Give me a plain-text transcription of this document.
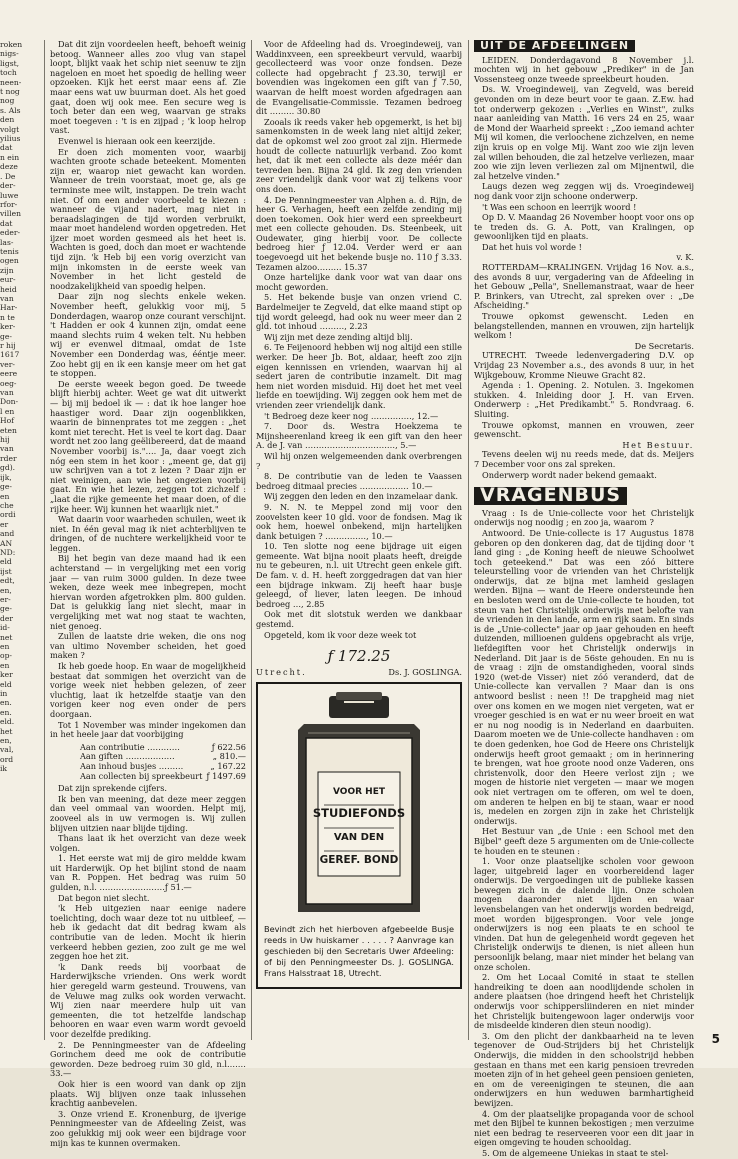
roken
nigs-
ligst,
toch
neen-
t nog
nog
s. Als
den
volgt
yilius
dat
n ein
deze
. De
der-
luwe
rfor-
villen
dat
eder-
las-
tenis
ogen
zijn
eur-
heid
van
Har-
n te
ker-
ge-
r hij
1617
ver-
eere
oeg-
van
Don-
l en
Hof
eten
hij
van
rder
gd).
ijk,
ge-
en
che
ordi
er
and
AN
ND:
eld
ijst
edt,
en,
er-
ge-
der
id-
net
en
op-
en
ker
eld
in
en.
en.
eld.
het
en,
val,
ord
ik

Dat dit zijn voordeelen heeft, behoeft weinig betoog. Wanneer alles zoo vlug van stapel loopt, blijkt vaak het schip niet seenuw te zijn nageloen en moet het spoedig de helling weer opzoeken. Kijk het eerst maar eens af. Zie maar eens wat uw buurman doet. Als het goed gaat, doen wij ook mee. Een secure weg is toch beter dan een weg, waarvan ge straks moet toegeven : 't is en zijpad ; 'k loop helrop vast.

Evenwel is hieraan ook een keerzijde.

Er doen zich momenten voor, waarbij wachten groote schade beteekent. Momenten zijn er, waarop niet gewacht kan worden. Wanneer de trein voorstaat, moet ge, als ge terminste mee wilt, instappen. De trein wacht niet. Of om een ander voorbeeld te kiezen : wanneer de vijand nadert, mag niet in beraadslagingen de tijd worden verbruikt, maar moet handelend worden opgetreden. Het ijzer moet worden gesmeed als het heet is. Wachten is goed, doch dan moet er wachtende tijd zijn. 'k Heb bij een vorig overzicht van mijn inkomsten in de eerste week van November in het licht gesteld de noodzakelijkheid van spoedig helpen.

Daar zijn nog slechts enkele weken. November heeft, gelukkig voor mij, 5 Donderdagen, waarop onze courant verschijnt. 't Hadden er ook 4 kunnen zijn, omdat eene maand slechts ruim 4 weken telt. Nu hebben wij er evenwel ditmaal, omdat de 1ste November een Donderdag was, ééntje meer. Zoo hebt gij en ik een kansje meer om het gat te stoppen.

De eerste weeek begon goed. De tweede blijft hierbij achter. Weet ge wat dit uitwerkt — bij mij bedoel ik — : dat ik hoe langer hoe haastiger word. Daar zijn oogenblikken, waarin de binnenprates tot me zeggen : „het komt niet terecht. Het is veel te kort dag. Daar wordt net zoo lang geëlibereerd, dat de maand November voorbij is."…. Ja, daar voegt zich nóg een stem in het koor : „meent ge, dat gij uw schrijven van a tot z lezen ? Daar zijn er niet weinigen, aan wie het ongezien voorbij gaat. En wie het lezen, zeggen tot zichzelf : „laat die rijke gemeente het maar doen, of die rijke heer. Wij kunnen het waarlijk niet."

Wat daarin voor waarheden schuilen, weet ik niet. In één geval mag ik niet achterblijven te dringen, of de nuchtere werkelijkheid voor te leggen.

Bij het begin van deze maand had ik een achterstand — in vergelijking met een vorig jaar — van ruim 3000 gulden. In deze twee weken, deze week mee inbegrepen, mocht hiervan worden afgetrokken plm. 800 gulden. Dat is gelukkig lang niet slecht, maar in vergelijking met wat nog staat te wachten, niet genoeg.

Zullen de laatste drie weken, die ons nog van ultimo November scheiden, het goed maken ?

Ik heb goede hoop. En waar de mogelijkheid bestaat dat sommigen het overzicht van de vorige week niet hebben gelezen, of zeer vluchtig, laat ik hetzelfde staatje van den vorigen keer nog even onder de pers doorgaan.

Tot 1 November was minder ingekomen dan in het heele jaar dat voorbijging

Aan contributie …………	ƒ 622.56
Aan giften ………………	„ 810.—
Aan inhoud busjes ………	„ 167.22
Aan collecten bij spreekbeurt ƒ 1497.69

Dat zijn sprekende cijfers.

Ik ben van meening, dat deze meer zeggen dan veel ommaal van woorden. Helpt mij, zooveel als in uw vermogen is. Wij zullen blijven uitzien naar blijde tijding.

Thans laat ik het overzicht van deze week volgen.

1. Het eerste wat mij de giro meldde kwam uit Harderwijk. Op het bijlint stond de naam van R. Poppen. Het bedrag was ruim 50 gulden, n.l. ……………………ƒ 51.—

Dat begon niet slecht.

'k Heb uitgezien naar eenige nadere toelichting, doch waar deze tot nu uitbleef, — heb ik gedacht dat dit bedrag kwam als contributie van de leden. Mocht ik hierin verkeerd hebben gezien, zoo zult ge me wel zeggen hoe het zit.

'k Dank reeds bij voorbaat de Harderwijksche vrienden. Ons werk wordt hier geregeld warm gesteund. Trouwens, van de Veluwe mag zulks ook worden verwacht. Wij zien naar meerdere hulp uit van gemeenten, die tot hetzelfde landschap behooren en waar even warm wordt gevoeld voor dezelfde prediking.

2. De Penningmeester van de Afdeeling Gorinchem deed me ook de contributie geworden. Deze bedroeg ruim 30 gld, n.l.…… 33.—

Ook hier is een woord van dank op zijn plaats. Wij blijven onze taak inlussehen krachtig aanbevelen.

3. Onze vriend E. Kronenburg, de ijverige Penningmeester van de Afdeeling Zeist, was zoo gelukkig mij ook weer een bijdrage voor mijn kas te kunnen overmaken.

Voor de Afdeeling had ds. Vroegindeweij, van Waddinxveen, een spreekbeurt vervuld, waarbij gecollecteerd was voor onze fondsen. Deze collecte had opgebracht ƒ 23.30, terwijl er bovendien was ingekomen een gift van ƒ 7.50, waarvan de helft moest worden afgedragen aan de Evangelisatie-Commissie. Tezamen bedroeg dit ……… 30.80

Zooals ik reeds vaker heb opgemerkt, is het bij samenkomsten in de week lang niet altijd zeker, dat de opkomst wel zoo groot zal zijn. Hiermede houdt de collecte natuurlijk verband. Zoo komt het, dat ik met een collecte als deze méér dan tevreden ben. Bijna 24 gld. Ik zeg den vrienden zeer vriendelijk dank voor wat zij telkens voor ons doen.

4. De Penningmeester van Alphen a. d. Rijn, de heer G. Verhagen, heeft een zelfde zending mij doen toekomen. Ook hier werd een spreekbeurt met een collecte gehouden. Ds. Steenbeek, uit Oudewater, ging hierbij voor. De collecte bedroeg hier ƒ 12.04. Verder werd er aan toegevoegd uit het bekende busje no. 110 ƒ 3.33. Tezamen alzoo……… 15.37

Onze hartelijke dank voor wat van daar ons mocht geworden.

5. Het bekende busje van onzen vriend C. Bardelmeijer te Zegveld, dat elke maand stipt op tijd wordt geleegd, had ook nu weer meer dan 2 gld. tot inhoud ………, 2.23

Wij zijn met deze zending altijd blij.

6. Te Feijenoord hebben wij nog altijd een stille werker. De heer Jb. Bot, aldaar, heeft zoo zijn eigen kennissen en vrienden, waarvan hij al sedert jaren de contributie inzamelt. Dit mag hem niet worden misduid. Hij doet het met veel liefde en toewijding. Wij zeggen ook hem met de vrienden zeer vriendelijk dank.

't Bedroeg deze keer nog ……………, 12.—

7. Door ds. Westra Hoekzema te Mijnsheerenland kreeg ik een gift van den heer A. de J. van ……………………………, 5.—

Wil hij onzen welgemeenden dank overbrengen ?

8. De contributie van de leden te Vaassen bedroeg ditmaal precies ……………… 10.—

Wij zeggen den leden en den inzamelaar dank.

9. N. N. te Meppel zond mij voor den zoovelsten keer 10 gld. voor de fondsen. Mag ik ook hem, hoewel onbekend, mijn hartelijken dank betuigen ? ……………, 10.—

10. Ten slotte nog eene bijdrage uit eigen gemeente. Wat bijna nooit plaats heeft, dreigde nu te gebeuren, n.l. uit Utrecht geen enkele gift. De fam. v. d. H. heeft zorggedragen dat van hier een bijdrage inkwam. Zij heeft haar busje geleegd, of liever, laten leegen. De inhoud bedroeg …, 2.85

Ook met dit slotstuk werden we dankbaar gestemd.

Opgeteld, kom ik voor deze week tot

ƒ 172.25
Utrecht.	Ds. J. GOSLINGA.
VOOR HET
STUDIEFONDS
VAN DEN
GEREF. BOND
Bevindt zich het hierboven afgebeelde Busje reeds in Uw huiskamer . . . . . ? Aanvrage kan geschieden bij den Secretaris Uwer Afdeeling: of bij den Penningmeester Ds. J. GOSLINGA. Frans Halsstraat 18, Utrecht.
UIT DE AFDEELINGEN

LEIDEN. Donderdagavond 8 November j.l. mochten wij in het gebouw „Prediker" in de Jan Vossensteeg onze tweede spreekbeurt houden.

Ds. W. Vroegindeweij, van Zegveld, was bereid gevonden om in deze beurt voor te gaan. Z.Ew. had tot onderwerp gekozen : „Verlies en Winst", zulks naar aanleiding van Matth. 16 vers 24 en 25, waar de Mond der Waarheid spreekt : „Zoo iemand achter Mij wil komen, die verloochene zichzelven, en neme zijn kruis op en volge Mij. Want zoo wie zijn leven zal willen behouden, die zal hetzelve verliezen, maar zoo wie zijn leven verliezen zal om Mijnentwil, die zal hetzelve vinden."

Laugs dezen weg zeggen wij ds. Vroegindeweij nog dank voor zijn schoone onderwerp.

't Was een schoon en leerrijk woord !

Op D. V. Maandag 26 November hoopt voor ons op te treden ds. G. A. Pott, van Kralingen, op gewoonlijken tijd en plaats.

Dat het huis vol worde !

v. K.

ROTTERDAM—KRALINGEN. Vrijdag 16 Nov. a.s., des avonds 8 uur, vergadering van de Afdeeling in het Gebouw „Pella", Snellemanstraat, waar de heer P. Brinkers, van Utrecht, zal spreken over : „De Afscheiding."

Trouwe opkomst gewenscht. Leden en belangstellenden, mannen en vrouwen, zijn hartelijk welkom !

De Secretaris.

UTRECHT. Tweede ledenvergadering D.V. op Vrijdag 23 November a.s., des avonds 8 uur, in het Wijkgebouw, Kromme Nieuwe Gracht 82.

Agenda : 1. Opening. 2. Notulen. 3. Ingekomen stukken. 4. Inleiding door J. H. van Erven. Onderwerp : „Het Predikambt." 5. Rondvraag. 6. Sluiting.

Trouwe opkomst, mannen en vrouwen, zeer gewenscht.

Het Bestuur.

Tevens deelen wij nu reeds mede, dat ds. Meijers 7 December voor ons zal spreken.

Onderwerp wordt nader bekend gemaakt.

VRAGENBUS

Vraag : Is de Unie-collecte voor het Christelijk onderwijs nog noodig ; en zoo ja, waarom ?

Antwoord. De Unie-collecte is 17 Augustus 1878 geboren op den donkeren dag, dat de tijding door 't land ging : „de Koning heeft de nieuwe Schoolwet toch geteekend." Dat was een zóó bittere teleurstelling voor de vrienden van het Christelijk onderwijs, dat ze bijna met lamheid geslagen werden. Bijna — want de Heere ondersteunde hen en besloten werd om de Unie-collecte te houden, tot steun van het Christelijk onderwijs met belofte van de vrienden in den lande, arm en rijk saam. En sinds is de „Unie-collecte" jaar op jaar gehouden en heeft duizenden, millioenen guldens opgebracht als vrije, liefdegiften voor het Christelijk onderwijs in Nederland. Dit jaar is de 56ste gehouden. En nu is de vraag : zijn de omstandigheden, vooral sinds 1920 (wet-de Visser) niet zóó veranderd, dat de Unie-collecte kan vervallen ? Maar dan is ons antwoord beslist : neen !! De trapgheid mag niet over ons komen en we mogen niet vergeten, wat er vroeger geschied is en wat er nu weer broeit en wat er nu nog noodig is in Nederland en daarbuiten. Daarom moeten we de Unie-collecte handhaven : om te doen gedenken, hoe God de Heere ons Christelijk onderwijs heeft groot gemaakt ; om in herinnering te brengen, wat hoe groote nood onze Vaderen, ons christenvolk, door den Heere verlost zijn ; we mogen de historie niet vergeten — maar we mogen ook niet vertragen om te offeren, om wel te doen, om anderen te helpen en bij te staan, waar er nood is, medelen en zorgen zijn in zake het Christelijk onderwijs.

Het Bestuur van „de Unie : een School met den Bijbel" geeft deze 5 argumenten om de Unie-collecte te houden en te steunen :

1. Voor onze plaatselijke scholen voor gewoon lager, uitgebreid lager en voorbereidend lager onderwijs. De vergoedingen uit de publieke kassen bewegen zich in de dalende lijn. Onze scholen mogen daaronder niet lijden en waar levensbelangen van het onderwijs worden bedreigd, moet worden bijgesprongen. Voor vele jonge onderwijzers is nog een plaats te en school te vinden. Dat hun de gelegenheid wordt gegeven het Christelijk onderwijs te dienen, is niet alleen hun persoonlijk belang, maar niet minder het belang van onze scholen.

2. Om het Locaal Comité in staat te stellen handreiking te doen aan noodlijdende scholen in andere plaatsen (hoe dringend heeft het Christelijk onderwijs voor schippersliinderen en niet minder het Christelijk buitengewoon lager onderwijs voor de misdeelde kinderen dien steun noodig).

3. Om den plicht der dankbaarheid na te leven tegenover de Oud-Strijders bij het Christelijk Onderwijs, die midden in den schoolstrijd hebben gestaan en thans met een karig pensioen trevreden moeten zijn of in het geheel geen pensioen genieten, en om de vereenigingen te steunen, die aan onderwijzers en hun weduwen barmhartigheid bewijzen.

4. Om der plaatselijke propaganda voor de school met den Bijbel te kunnen bekostigen ; men verzuime niet een bedrag te reserveeren voor een dit jaar in eigen omgeving te houden schooldag.

5. Om de algemeene Uniekas in staat te stel-

5
